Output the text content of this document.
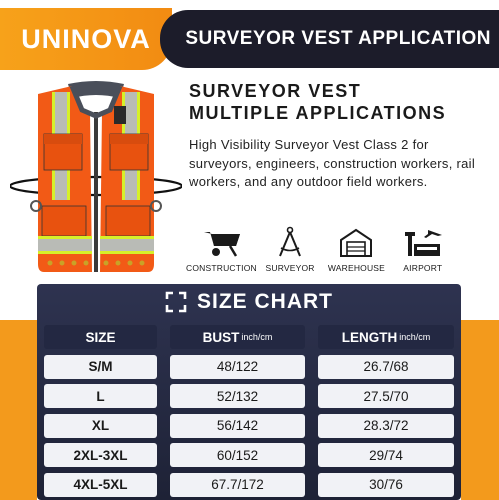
UNINOVA SURVEYOR VEST APPLICATION
SURVEYOR VEST
MULTIPLE APPLICATIONS
High Visibility Surveyor Vest Class 2 for surveyors, engineers, construction workers, rail workers, and any outdoor field workers.
CONSTRUCTION SURVEYOR WAREHOUSE AIRPORT
SIZE CHART
SIZE	BUST inch/cm	LENGTH inch/cm
S/M	48/122	26.7/68
L	52/132	27.5/70
XL	56/142	28.3/72
2XL-3XL	60/152	29/74
4XL-5XL	67.7/172	30/76
